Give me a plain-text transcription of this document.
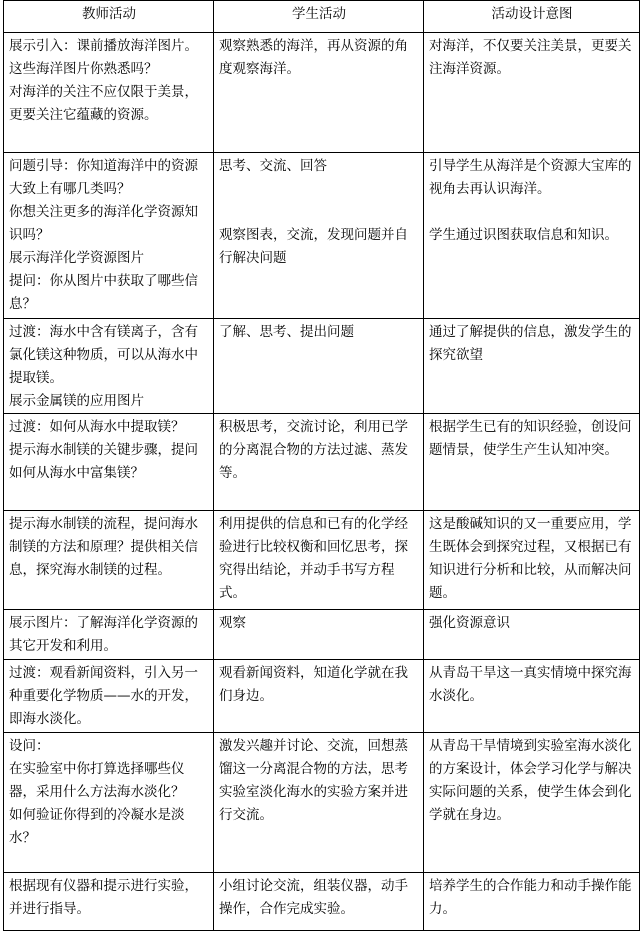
教师活动	学生活动	活动设计意图

展示引入：课前播放海洋图片。
这些海洋图片你熟悉吗？
对海洋的关注不应仅限于美景，更要关注它蕴藏的资源。	观察熟悉的海洋，再从资源的角度观察海洋。	对海洋，不仅要关注美景，更要关注海洋资源。

问题引导：你知道海洋中的资源大致上有哪几类吗？
你想关注更多的海洋化学资源知识吗？
展示海洋化学资源图片
提问：你从图片中获取了哪些信息？	思考、交流、回答
观察图表，交流，发现问题并自行解决问题	引导学生从海洋是个资源大宝库的视角去再认识海洋。
学生通过识图获取信息和知识。

过渡：海水中含有镁离子，含有氯化镁这种物质，可以从海水中提取镁。
展示金属镁的应用图片	了解、思考、提出问题	通过了解提供的信息，激发学生的探究欲望

过渡：如何从海水中提取镁？
提示海水制镁的关键步骤，提问如何从海水中富集镁？	积极思考，交流讨论，利用已学的分离混合物的方法过滤、蒸发等。	根据学生已有的知识经验，创设问题情景，使学生产生认知冲突。

提示海水制镁的流程，提问海水制镁的方法和原理？提供相关信息，探究海水制镁的过程。	利用提供的信息和已有的化学经验进行比较权衡和回忆思考，探究得出结论，并动手书写方程式。	这是酸碱知识的又一重要应用，学生既体会到探究过程，又根据已有知识进行分析和比较，从而解决问题。

展示图片：了解海洋化学资源的其它开发和利用。	观察	强化资源意识

过渡：观看新闻资料，引入另一种重要化学物质——水的开发，即海水淡化。	观看新闻资料，知道化学就在我们身边。	从青岛干旱这一真实情境中探究海水淡化。

设问：
在实验室中你打算选择哪些仪器，采用什么方法海水淡化？
如何验证你得到的冷凝水是淡水？	激发兴趣并讨论、交流，回想蒸馏这一分离混合物的方法，思考实验室淡化海水的实验方案并进行交流。	从青岛干旱情境到实验室海水淡化的方案设计，体会学习化学与解决实际问题的关系，使学生体会到化学就在身边。

根据现有仪器和提示进行实验，并进行指导。	小组讨论交流，组装仪器，动手操作，合作完成实验。	培养学生的合作能力和动手操作能力。
